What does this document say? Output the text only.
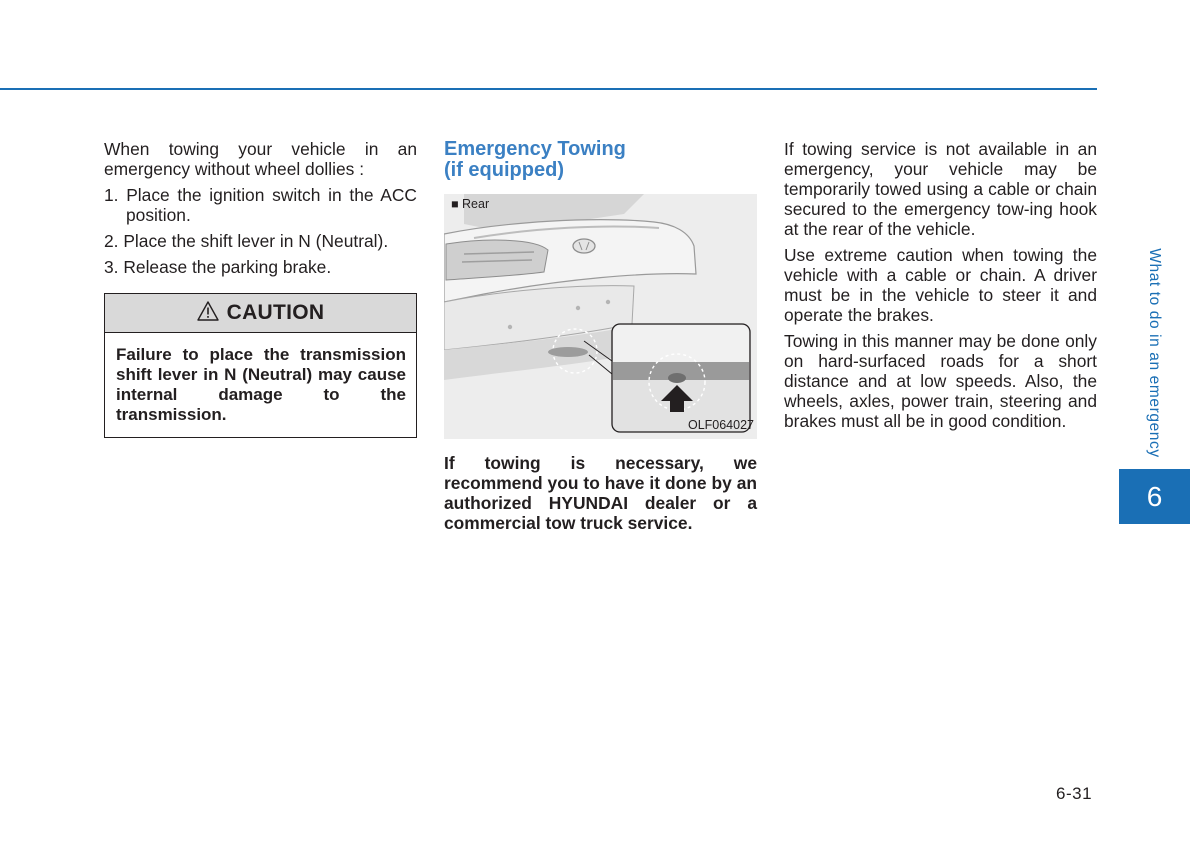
When towing your vehicle in an emergency without wheel dollies :

1. Place the ignition switch in the ACC position.

2. Place the shift lever in N (Neutral).

3. Release the parking brake.

CAUTION
Failure to place the transmission shift lever in N (Neutral) may cause internal damage to the transmission.
Emergency Towing
(if equipped)
■ Rear
OLF064027

If towing is necessary, we recommend you to have it done by an authorized HYUNDAI dealer or a commercial tow truck service.

If towing service is not available in an emergency, your vehicle may be temporarily towed using a cable or chain secured to the emergency tow-ing hook at the rear of the vehicle.

Use extreme caution when towing the vehicle with a cable or chain. A driver must be in the vehicle to steer it and operate the brakes.

Towing in this manner may be done only on hard-surfaced roads for a short distance and at low speeds. Also, the wheels, axles, power train, steering and brakes must all be in good condition.	What to do in an emergency
6
6-31
